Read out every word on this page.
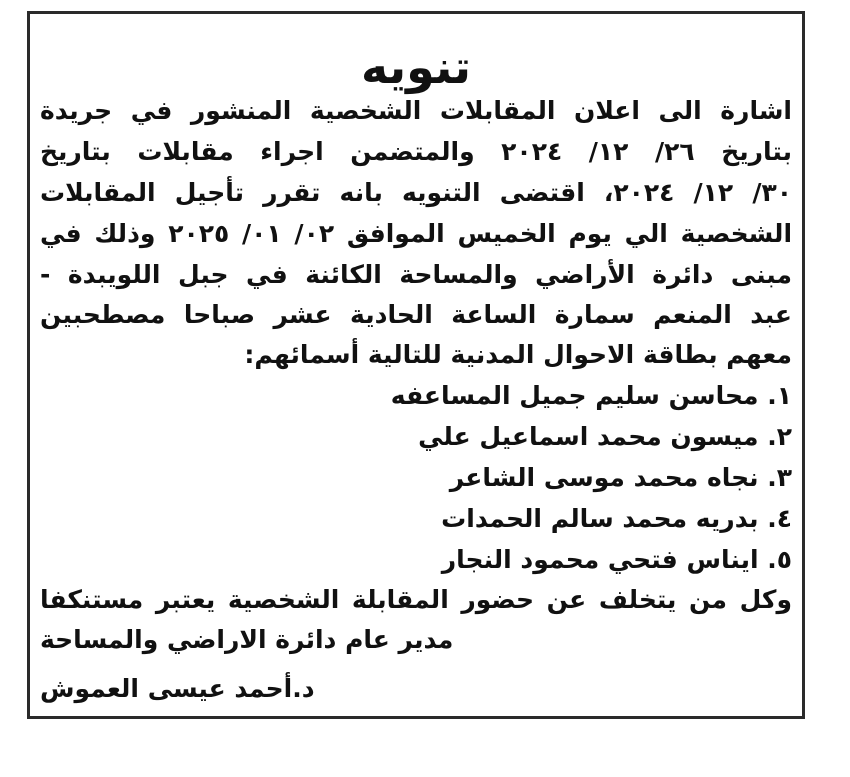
تنويه
اشارة الى اعلان المقابلات الشخصية المنشور في جريدة
بتاريخ ٢٦/ ١٢/ ٢٠٢٤ والمتضمن اجراء مقابلات بتاريخ
٣٠/ ١٢/ ٢٠٢٤، اقتضى التنويه بانه تقرر تأجيل المقابلات
الشخصية الي يوم الخميس الموافق ٠٢/ ٠١/ ٢٠٢٥ وذلك في
مبنى دائرة الأراضي والمساحة الكائنة في جبل اللويبدة -
عبد المنعم سمارة الساعة الحادية عشر صباحا مصطحبين
معهم بطاقة الاحوال المدنية للتالية أسمائهم:
١. محاسن سليم جميل المساعفه
٢. ميسون محمد اسماعيل علي
٣. نجاه محمد موسى الشاعر
٤. بدريه محمد سالم الحمدات
٥. ايناس فتحي محمود النجار
وكل من يتخلف عن حضور المقابلة الشخصية يعتبر مستنكفا
مدير عام دائرة الاراضي والمساحة
د.أحمد عيسى العموش
